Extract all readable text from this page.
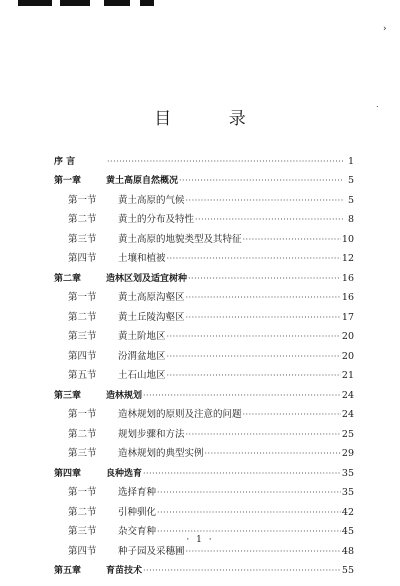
›
.
目 录
序 言 ·····	1
第一章	黄土高原自然概况 ·····	5
第一节	黄土高原的气候 ·····	5
第二节	黄土的分布及特性 ·····	8
第三节	黄土高原的地貌类型及其特征 ·····	10
第四节	土壤和植被 ·····	12
第二章	造林区划及适宜树种 ·····	16
第一节	黄土高原沟壑区 ·····	16
第二节	黄土丘陵沟壑区 ·····	17
第三节	黄土阶地区 ·····	20
第四节	汾渭盆地区 ·····	20
第五节	土石山地区 ·····	21
第三章	造林规划 ·····	24
第一节	造林规划的原则及注意的问题 ·····	24
第二节	规划步骤和方法 ·····	25
第三节	造林规划的典型实例 ·····	29
第四章	良种选育 ·····	35
第一节	选择育种 ·····	35
第二节	引种驯化 ·····	42
第三节	杂交育种 ·····	45
第四节	种子园及采穗圃 ·····	48
第五章	育苗技术 ·····	55
· 1 ·
